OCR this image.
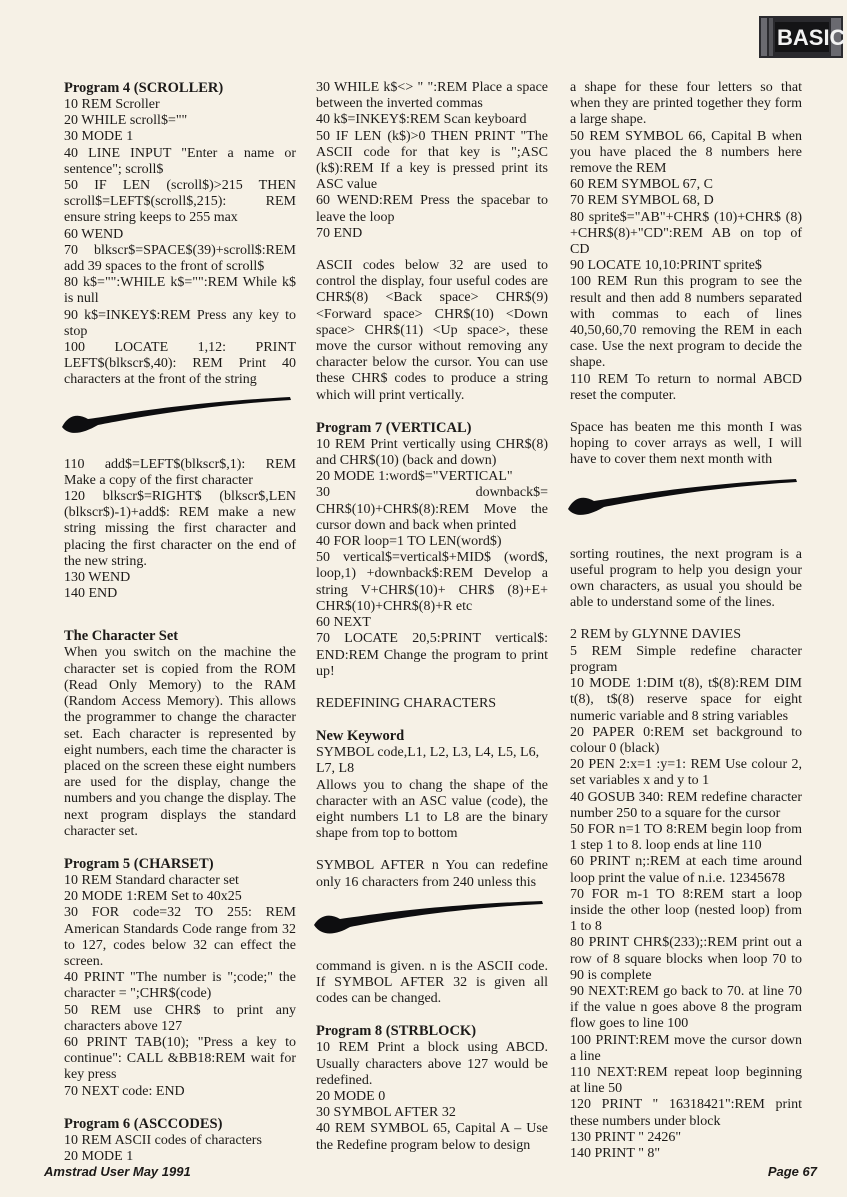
BASIC
Program 4 (SCROLLER)

10 REM Scroller

20 WHILE scroll$=""

30 MODE 1

40 LINE INPUT "Enter a name or sentence"; scroll$

50 IF LEN (scroll$)>215 THEN scroll$=LEFT$(scroll$,215): REM ensure string keeps to 255 max

60 WEND

70 blkscr$=SPACE$(39)+scroll$:REM add 39 spaces to the front of scroll$

80 k$="":WHILE k$="":REM While k$ is null

90 k$=INKEY$:REM Press any key to stop

100 LOCATE 1,12: PRINT LEFT$(blkscr$,40): REM Print 40 characters at the front of the string

110 add$=LEFT$(blkscr$,1): REM Make a copy of the first character

120 blkscr$=RIGHT$ (blkscr$,LEN (blkscr$)-1)+add$: REM make a new string missing the first character and placing the first character on the end of the new string.

130 WEND

140 END

The Character Set

When you switch on the machine the character set is copied from the ROM (Read Only Memory) to the RAM (Random Access Memory). This allows the programmer to change the character set. Each character is represented by eight numbers, each time the character is placed on the screen these eight numbers are used for the display, change the numbers and you change the display. The next program displays the standard character set.

Program 5 (CHARSET)

10 REM Standard character set

20 MODE 1:REM Set to 40x25

30 FOR code=32 TO 255: REM American Standards Code range from 32 to 127, codes below 32 can effect the screen.

40 PRINT "The number is ";code;" the character = ";CHR$(code)

50 REM use CHR$ to print any characters above 127

60 PRINT TAB(10); "Press a key to continue": CALL &BB18:REM wait for key press

70 NEXT code: END

Program 6 (ASCCODES)

10 REM ASCII codes of characters

20 MODE 1

30 WHILE k$<> " ":REM Place a space between the inverted commas

40 k$=INKEY$:REM Scan keyboard

50 IF LEN (k$)>0 THEN PRINT "The ASCII code for that key is ";ASC (k$):REM If a key is pressed print its ASC value

60 WEND:REM Press the spacebar to leave the loop

70 END

ASCII codes below 32 are used to control the display, four useful codes are CHR$(8) <Back space> CHR$(9) <Forward space> CHR$(10) <Down space> CHR$(11) <Up space>, these move the cursor without removing any character below the cursor. You can use these CHR$ codes to produce a string which will print vertically.

Program 7 (VERTICAL)

10 REM Print vertically using CHR$(8) and CHR$(10) (back and down)

20 MODE 1:word$="VERTICAL"

30 downback$= CHR$(10)+CHR$(8):REM Move the cursor down and back when printed

40 FOR loop=1 TO LEN(word$)

50 vertical$=vertical$+MID$ (word$, loop,1) +downback$:REM Develop a string V+CHR$(10)+ CHR$ (8)+E+ CHR$(10)+CHR$(8)+R etc

60 NEXT

70 LOCATE 20,5:PRINT vertical$: END:REM Change the program to print up!

REDEFINING CHARACTERS

New Keyword

SYMBOL code,L1, L2, L3, L4, L5, L6, L7, L8

Allows you to chang the shape of the character with an ASC value (code), the eight numbers L1 to L8 are the binary shape from top to bottom

SYMBOL AFTER n You can redefine only 16 characters from 240 unless this

command is given. n is the ASCII code. If SYMBOL AFTER 32 is given all codes can be changed.

Program 8 (STRBLOCK)

10 REM Print a block using ABCD. Usually characters above 127 would be redefined.

20 MODE 0

30 SYMBOL AFTER 32

40 REM SYMBOL 65, Capital A – Use the Redefine program below to design

a shape for these four letters so that when they are printed together they form a large shape.

50 REM SYMBOL 66, Capital B when you have placed the 8 numbers here remove the REM

60 REM SYMBOL 67, C

70 REM SYMBOL 68, D

80 sprite$="AB"+CHR$ (10)+CHR$ (8) +CHR$(8)+"CD":REM AB on top of CD

90 LOCATE 10,10:PRINT sprite$

100 REM Run this program to see the result and then add 8 numbers separated with commas to each of lines 40,50,60,70 removing the REM in each case. Use the next program to decide the shape.

110 REM To return to normal ABCD reset the computer.

Space has beaten me this month I was hoping to cover arrays as well, I will have to cover them next month with

sorting routines, the next program is a useful program to help you design your own characters, as usual you should be able to understand some of the lines.

2 REM by GLYNNE DAVIES

5 REM Simple redefine character program

10 MODE 1:DIM t(8), t$(8):REM DIM t(8), t$(8) reserve space for eight numeric variable and 8 string variables

20 PAPER 0:REM set background to colour 0 (black)

20 PEN 2:x=1 :y=1: REM Use colour 2, set variables x and y to 1

40 GOSUB 340: REM redefine character number 250 to a square for the cursor

50 FOR n=1 TO 8:REM begin loop from 1 step 1 to 8. loop ends at line 110

60 PRINT n;:REM at each time around loop print the value of n.i.e. 12345678

70 FOR m-1 TO 8:REM start a loop inside the other loop (nested loop) from 1 to 8

80 PRINT CHR$(233);:REM print out a row of 8 square blocks when loop 70 to 90 is complete

90 NEXT:REM go back to 70. at line 70 if the value n goes above 8 the program flow goes to line 100

100 PRINT:REM move the cursor down a line

110 NEXT:REM repeat loop beginning at line 50

120 PRINT " 16318421":REM print these numbers under block

130 PRINT " 2426"

140 PRINT " 8"

Amstrad User May 1991	Page 67
